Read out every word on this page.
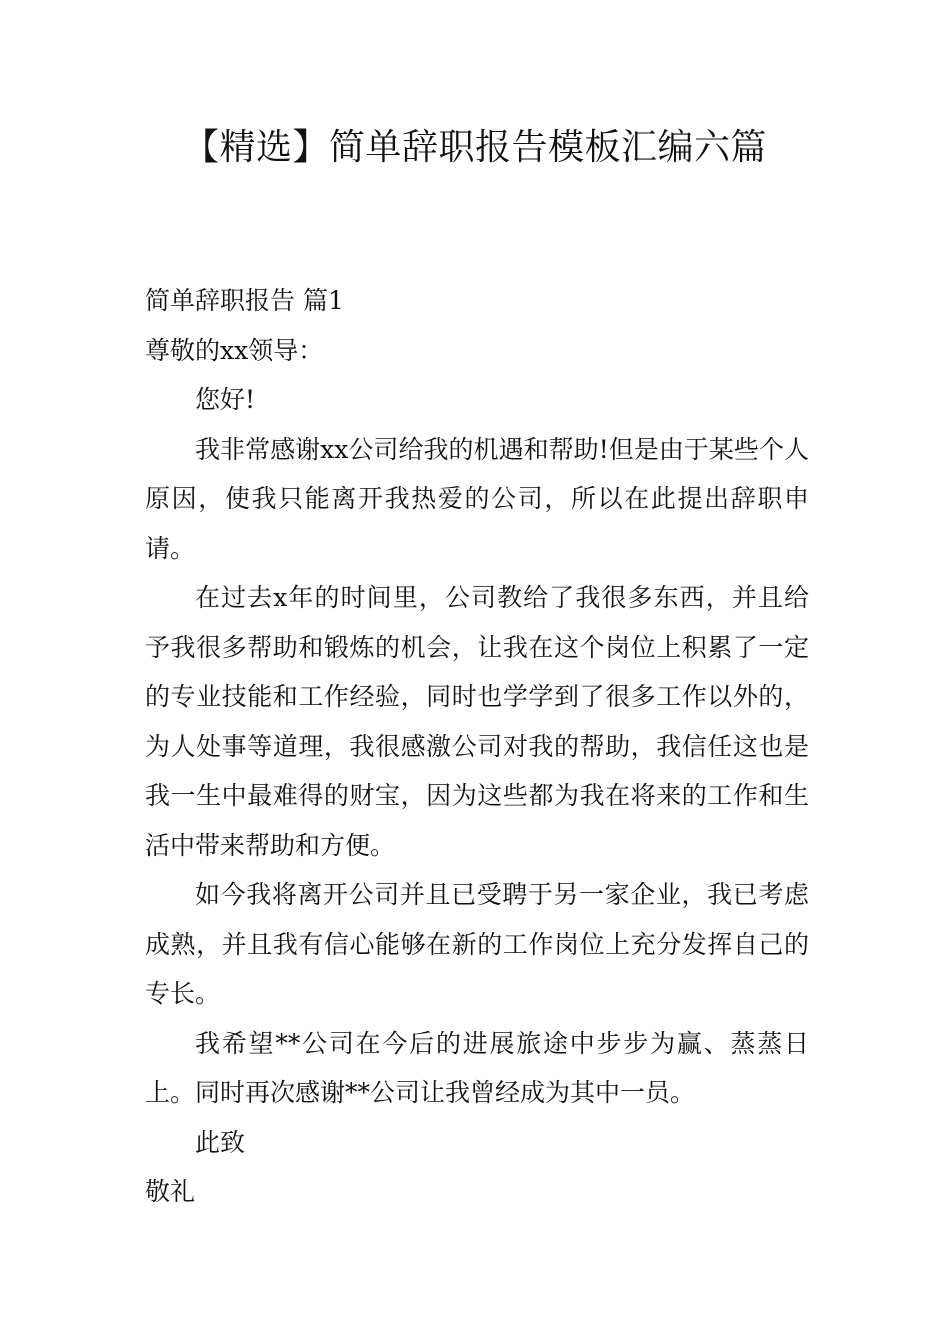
【精选】简单辞职报告模板汇编六篇

简单辞职报告 篇1

尊敬的xx领导：

您好!

我非常感谢xx公司给我的机遇和帮助!但是由于某些个人原因，使我只能离开我热爱的公司，所以在此提出辞职申请。

在过去x年的时间里，公司教给了我很多东西，并且给予我很多帮助和锻炼的机会，让我在这个岗位上积累了一定的专业技能和工作经验，同时也学学到了很多工作以外的，为人处事等道理，我很感激公司对我的帮助，我信任这也是我一生中最难得的财宝，因为这些都为我在将来的工作和生活中带来帮助和方便。

如今我将离开公司并且已受聘于另一家企业，我已考虑成熟，并且我有信心能够在新的工作岗位上充分发挥自己的专长。

我希望**公司在今后的进展旅途中步步为赢、蒸蒸日上。同时再次感谢**公司让我曾经成为其中一员。

此致

敬礼
